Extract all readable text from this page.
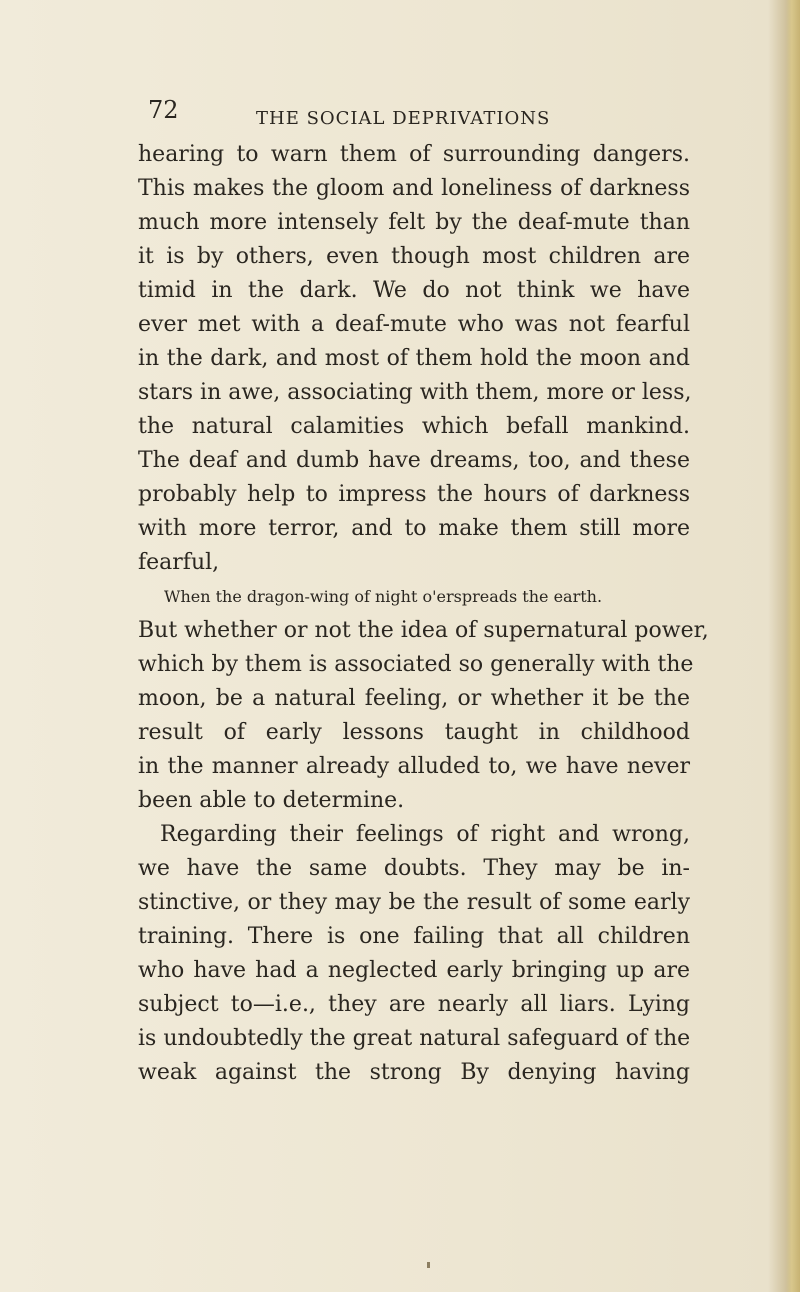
72	THE SOCIAL DEPRIVATIONS
hearing to warn them of surrounding dangers.
This makes the gloom and loneliness of darkness
much more intensely felt by the deaf-mute than
it is by others, even though most children are
timid in the dark. We do not think we have
ever met with a deaf-mute who was not fearful
in the dark, and most of them hold the moon and
stars in awe, associating with them, more or less,
the natural calamities which befall mankind.
The deaf and dumb have dreams, too, and these
probably help to impress the hours of darkness
with more terror, and to make them still more
fearful,
When the dragon-wing of night o'erspreads the earth.
But whether or not the idea of supernatural power,
which by them is associated so generally with the
moon, be a natural feeling, or whether it be the
result of early lessons taught in childhood
in the manner already alluded to, we have never
been able to determine.
Regarding their feelings of right and wrong,
we have the same doubts. They may be in-
stinctive, or they may be the result of some early
training. There is one failing that all children
who have had a neglected early bringing up are
subject to—i.e., they are nearly all liars. Lying
is undoubtedly the great natural safeguard of the
weak against the strong By denying having
